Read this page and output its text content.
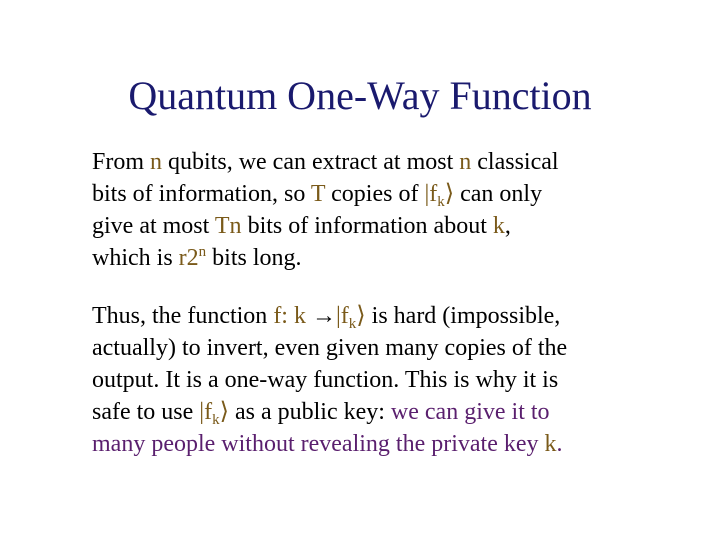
Quantum One-Way Function
From n qubits, we can extract at most n classical
bits of information, so T copies of $|f_k⟩$ can only
give at most Tn bits of information about k,
which is r2$^n$ bits long.
Thus, the function f: $k \to|f_k⟩$ is hard (impossible,
actually) to invert, even given many copies of the
output. It is a one-way function. This is why it is
safe to use $|f_k⟩$ as a public key: we can give it to
many people without revealing the private key k.
